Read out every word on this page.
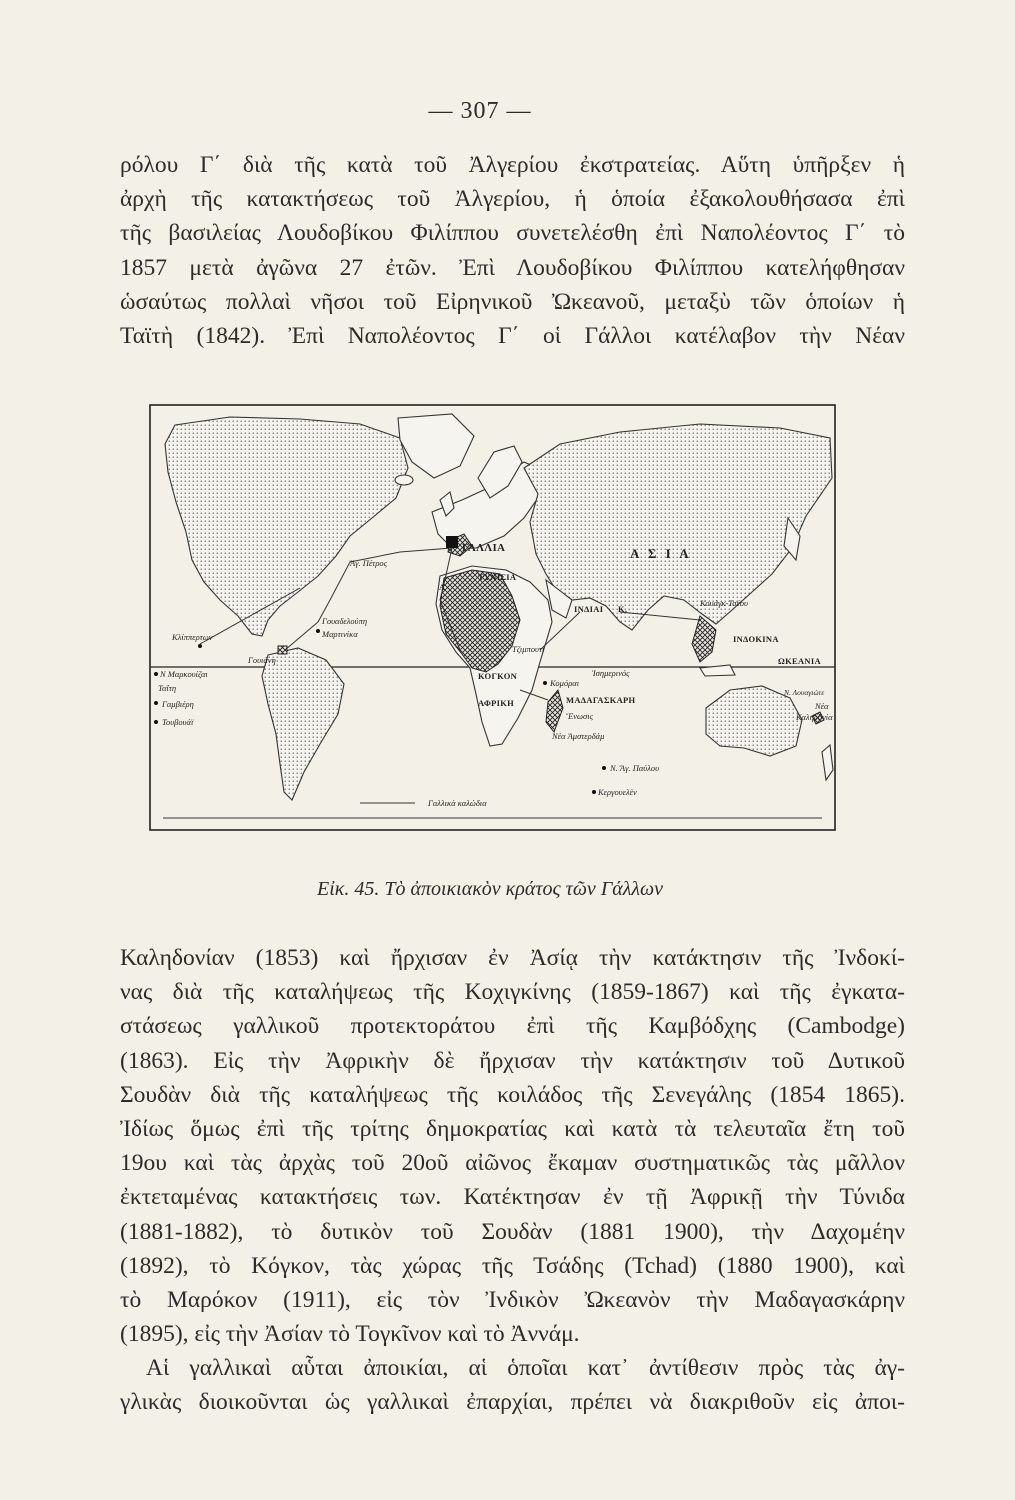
— 307 —
ρόλου Γ΄ διὰ τῆς κατὰ τοῦ Ἀλγερίου ἐκστρατείας. Αὕτη ὑπῆρξεν ἡ
ἀρχὴ τῆς κατακτήσεως τοῦ Ἀλγερίου, ἡ ὁποία ἐξακολουθήσασα ἐπὶ
τῆς βασιλείας Λουδοβίκου Φιλίππου συνετελέσθη ἐπὶ Ναπολέοντος Γ΄ τὸ
1857 μετὰ ἀγῶνα 27 ἐτῶν. Ἐπὶ Λουδοβίκου Φιλίππου κατελήφθησαν
ὡσαύτως πολλαὶ νῆσοι τοῦ Εἰρηνικοῦ Ὠκεανοῦ, μεταξὺ τῶν ὁποίων ἡ
Ταϊτὴ (1842). Ἐπὶ Ναπολέοντος Γ΄ οἱ Γάλλοι κατέλαβον τὴν Νέαν
Ἅγ. Πέτρος
ΓΑΛΛΙΑ
Α
ΤΥΝΙΣΙΑ
Α Σ Ι Α
ΙΝΔΙΑΙ Κ.
Κουάγκ-Τσέου
ΙΝΔΟΚΙΝΑ
ΩΚΕΑΝΙΑ
Γουαδελούπη
Μαρτινίκα
Κλίππερτων
Γουιάνη
Ν Μαρκουίζαι
Ταΐτη
Γαμβιέρη
Τουβουάϊ
Τζιμπουτί
Ἰσημερινός
ΚΟΓΚΟΝ
ΑΦΡΙΚΗ
Κομόραι
ΜΑΔΑΓΑΣΚΑΡΗ
Ἕνωσις
Νέα Ἀμστερδάμ
Ν. Ἅγ. Παύλου
Κεργουελὲν
Ν. Λουαγιώτε
Νέα
Καληδονία
Γαλλικὰ καλώδια
Εἰκ. 45. Τὸ ἀποικιακὸν κράτος τῶν Γάλλων
Καληδονίαν (1853) καὶ ἤρχισαν ἐν Ἀσίᾳ τὴν κατάκτησιν τῆς Ἰνδοκί-
νας διὰ τῆς καταλήψεως τῆς Κοχιγκίνης (1859-1867) καὶ τῆς ἐγκατα-
στάσεως γαλλικοῦ προτεκτοράτου ἐπὶ τῆς Καμβόδχης (Cambodge)
(1863). Εἰς τὴν Ἀφρικὴν δὲ ἤρχισαν τὴν κατάκτησιν τοῦ Δυτικοῦ
Σουδὰν διὰ τῆς καταλήψεως τῆς κοιλάδος τῆς Σενεγάλης (1854 1865).
Ἰδίως ὅμως ἐπὶ τῆς τρίτης δημοκρατίας καὶ κατὰ τὰ τελευταῖα ἔτη τοῦ
19ου καὶ τὰς ἀρχὰς τοῦ 20οῦ αἰῶνος ἔκαμαν συστηματικῶς τὰς μᾶλλον
ἐκτεταμένας κατακτήσεις των. Κατέκτησαν ἐν τῇ Ἀφρικῇ τὴν Τύνιδα
(1881-1882), τὸ δυτικὸν τοῦ Σουδὰν (1881 1900), τὴν Δαχομέην
(1892), τὸ Κόγκον, τὰς χώρας τῆς Τσάδης (Tchad) (1880 1900), καὶ
τὸ Μαρόκον (1911), εἰς τὸν Ἰνδικὸν Ὠκεανὸν τὴν Μαδαγασκάρην
(1895), εἰς τὴν Ἀσίαν τὸ Τογκῖνον καὶ τὸ Ἀννάμ.
Αἱ γαλλικαὶ αὗται ἀποικίαι, αἱ ὁποῖαι κατ᾿ ἀντίθεσιν πρὸς τὰς ἀγ-
γλικὰς διοικοῦνται ὡς γαλλικαὶ ἐπαρχίαι, πρέπει νὰ διακριθοῦν εἰς ἀποι-
